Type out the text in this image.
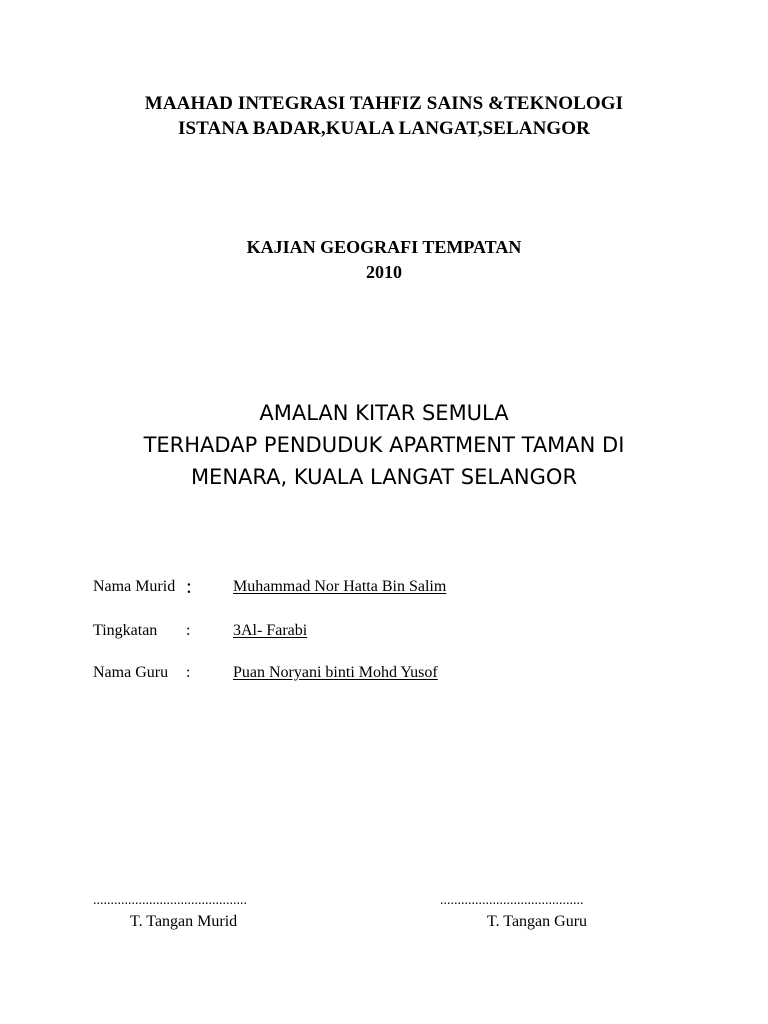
MAAHAD INTEGRASI TAHFIZ SAINS &TEKNOLOGI
ISTANA BADAR,KUALA LANGAT,SELANGOR
KAJIAN GEOGRAFI TEMPATAN
2010
AMALAN KITAR SEMULA
TERHADAP PENDUDUK APARTMENT TAMAN DI
MENARA, KUALA LANGAT SELANGOR
Nama Murid :	Muhammad Nor Hatta Bin Salim
Tingkatan :	3Al- Farabi
Nama Guru :	Puan Noryani binti Mohd Yusof
............................................
T. Tangan Murid
.........................................
T. Tangan Guru
